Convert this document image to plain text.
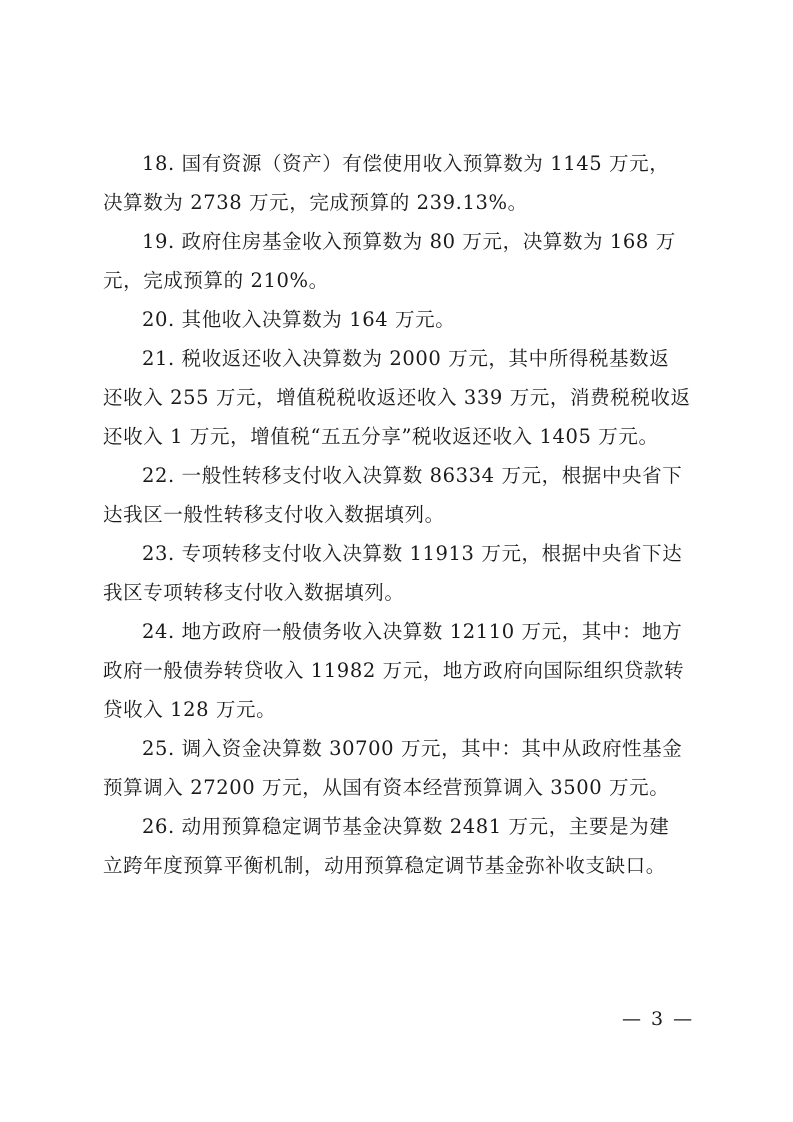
18. 国有资源（资产）有偿使用收入预算数为 1145 万元，
决算数为 2738 万元，完成预算的 239.13%。

19. 政府住房基金收入预算数为 80 万元，决算数为 168 万
元，完成预算的 210%。

20. 其他收入决算数为 164 万元。

21. 税收返还收入决算数为 2000 万元，其中所得税基数返
还收入 255 万元，增值税税收返还收入 339 万元，消费税税收返
还收入 1 万元，增值税“五五分享”税收返还收入 1405 万元。

22. 一般性转移支付收入决算数 86334 万元，根据中央省下
达我区一般性转移支付收入数据填列。

23. 专项转移支付收入决算数 11913 万元，根据中央省下达
我区专项转移支付收入数据填列。

24. 地方政府一般债务收入决算数 12110 万元，其中：地方
政府一般债券转贷收入 11982 万元，地方政府向国际组织贷款转
贷收入 128 万元。

25. 调入资金决算数 30700 万元，其中：其中从政府性基金
预算调入 27200 万元，从国有资本经营预算调入 3500 万元。

26. 动用预算稳定调节基金决算数 2481 万元，主要是为建
立跨年度预算平衡机制，动用预算稳定调节基金弥补收支缺口。

— 3 —
